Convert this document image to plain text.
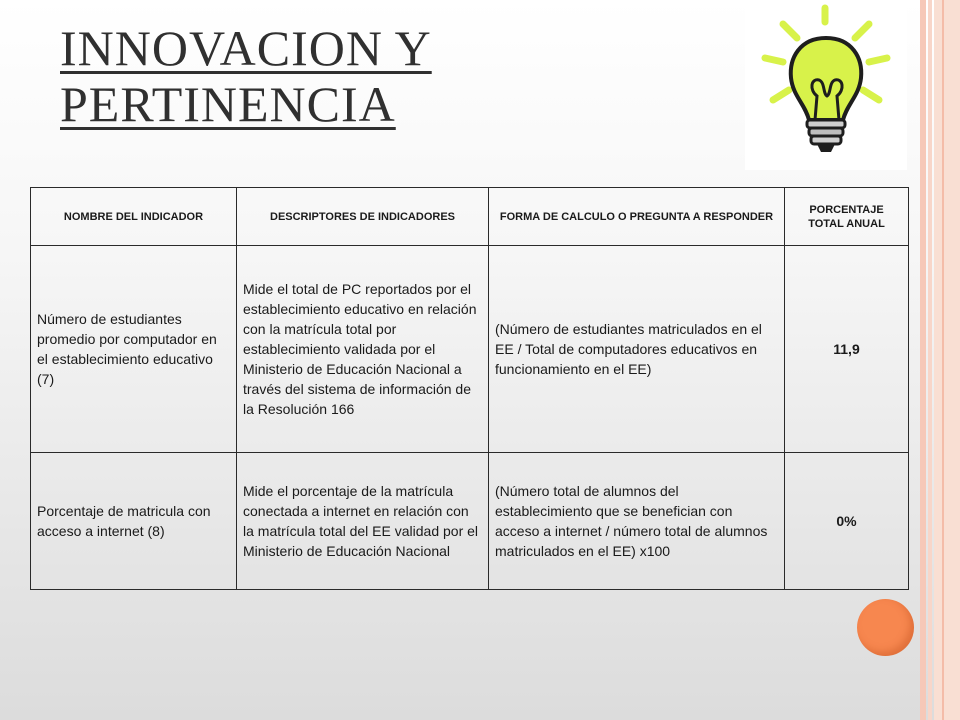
INNOVACION Y
PERTINENCIA
NOMBRE DEL INDICADOR	DESCRIPTORES DE INDICADORES	FORMA DE CALCULO O PREGUNTA A RESPONDER	PORCENTAJE TOTAL ANUAL
Número de estudiantes promedio por computador en el establecimiento educativo (7)	Mide el total de PC reportados por el establecimiento educativo en relación con la matrícula total por establecimiento validada por el Ministerio de Educación Nacional a través del sistema de información de la Resolución 166	(Número de estudiantes matriculados en el EE / Total de computadores educativos en funcionamiento en el EE)	11,9
Porcentaje de matricula con acceso a internet (8)	Mide el porcentaje de la matrícula conectada a internet en relación con la matrícula total del EE validad por el Ministerio de Educación Nacional	(Número total de alumnos del establecimiento que se benefician con acceso a internet / número total de alumnos matriculados en el EE) x100	0%
